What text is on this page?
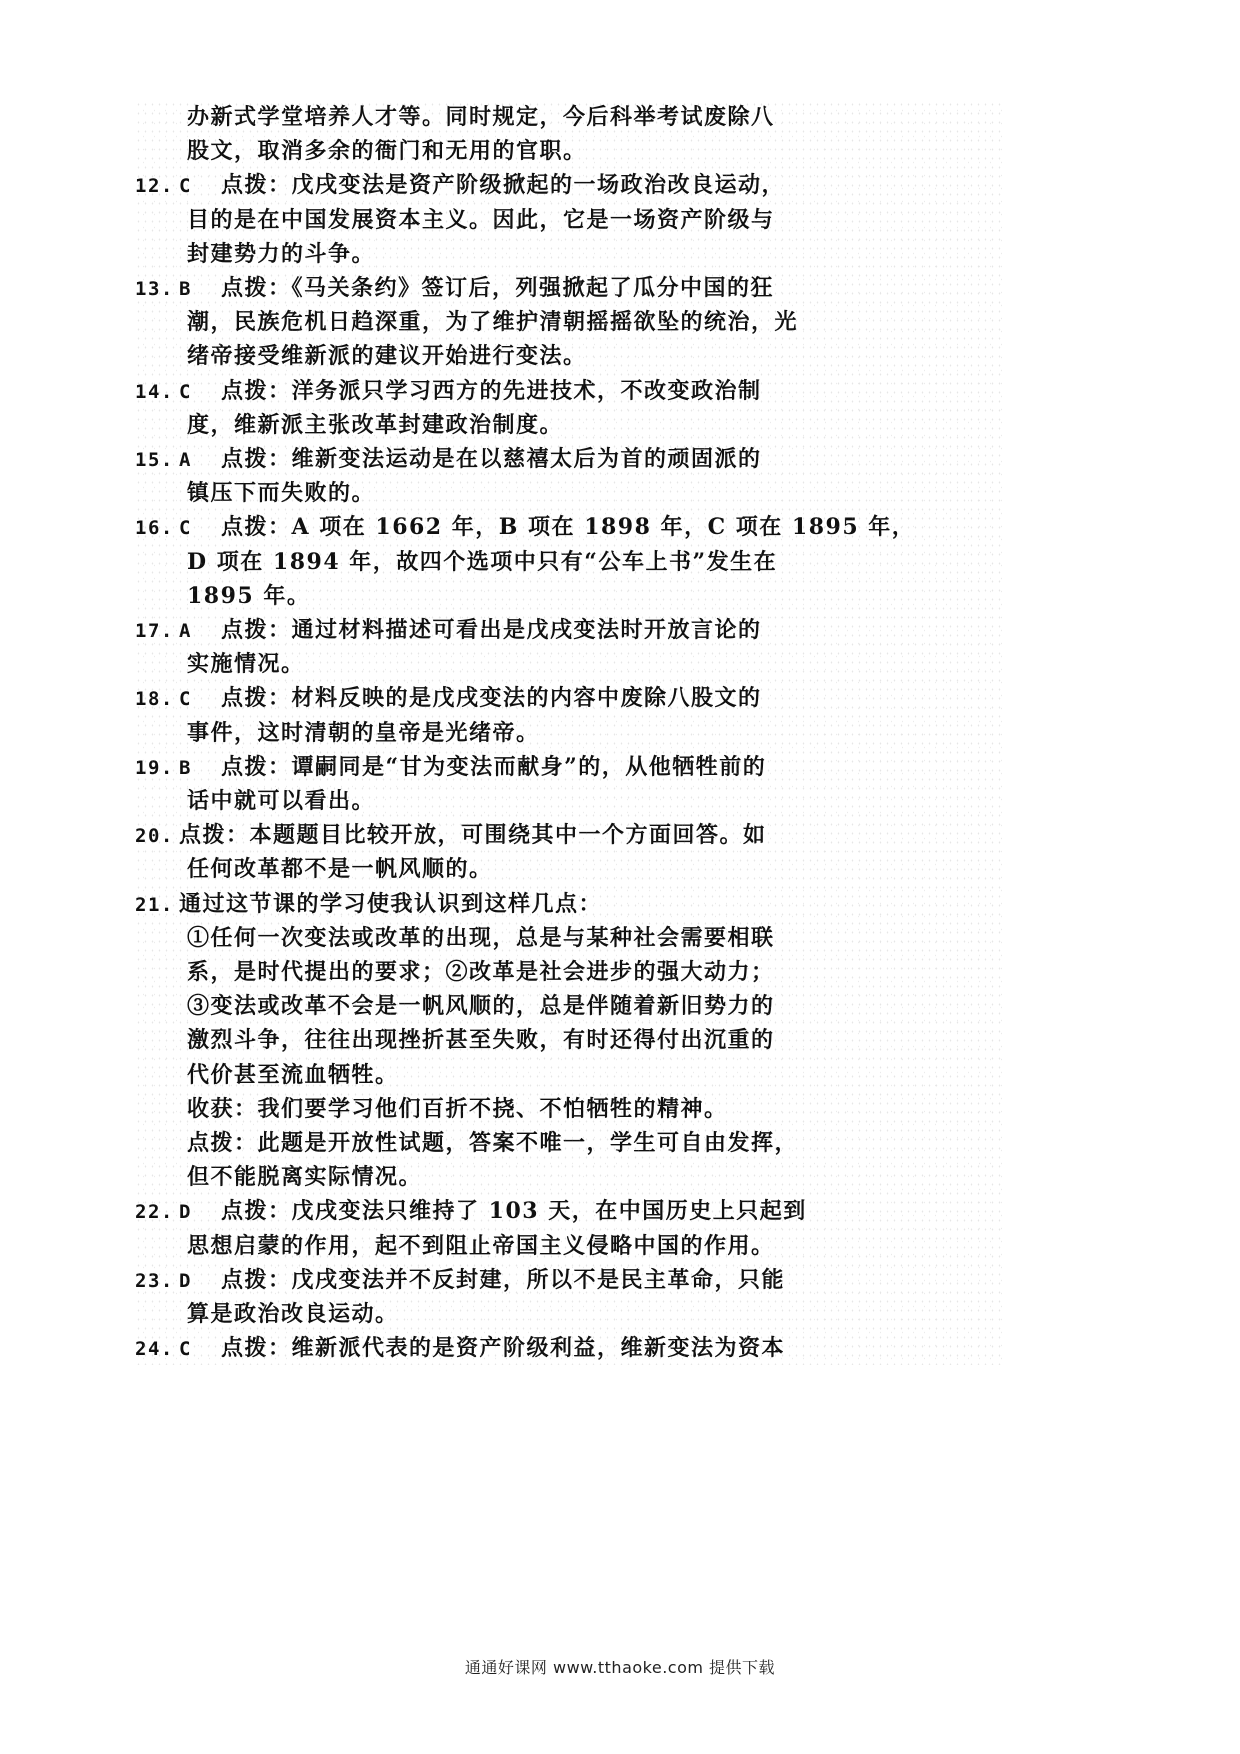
办新式学堂培养人才等。同时规定，今后科举考试废除八
股文，取消多余的衙门和无用的官职。
12. C 点拨：戊戌变法是资产阶级掀起的一场政治改良运动，
目的是在中国发展资本主义。因此，它是一场资产阶级与
封建势力的斗争。
13. B 点拨：《马关条约》签订后，列强掀起了瓜分中国的狂
潮，民族危机日趋深重，为了维护清朝摇摇欲坠的统治，光
绪帝接受维新派的建议开始进行变法。
14. C 点拨：洋务派只学习西方的先进技术，不改变政治制
度，维新派主张改革封建政治制度。
15. A 点拨：维新变法运动是在以慈禧太后为首的顽固派的
镇压下而失败的。
16. C 点拨：A 项在 1662 年，B 项在 1898 年，C 项在 1895 年，
D 项在 1894 年，故四个选项中只有“公车上书”发生在
1895 年。
17. A 点拨：通过材料描述可看出是戊戌变法时开放言论的
实施情况。
18. C 点拨：材料反映的是戊戌变法的内容中废除八股文的
事件，这时清朝的皇帝是光绪帝。
19. B 点拨：谭嗣同是“甘为变法而献身”的，从他牺牲前的
话中就可以看出。
20. 点拨：本题题目比较开放，可围绕其中一个方面回答。如
任何改革都不是一帆风顺的。
21. 通过这节课的学习使我认识到这样几点：
①任何一次变法或改革的出现，总是与某种社会需要相联
系，是时代提出的要求；②改革是社会进步的强大动力；
③变法或改革不会是一帆风顺的，总是伴随着新旧势力的
激烈斗争，往往出现挫折甚至失败，有时还得付出沉重的
代价甚至流血牺牲。
收获：我们要学习他们百折不挠、不怕牺牲的精神。
点拨：此题是开放性试题，答案不唯一，学生可自由发挥，
但不能脱离实际情况。
22. D 点拨：戊戌变法只维持了 103 天，在中国历史上只起到
思想启蒙的作用，起不到阻止帝国主义侵略中国的作用。
23. D 点拨：戊戌变法并不反封建，所以不是民主革命，只能
算是政治改良运动。
24. C 点拨：维新派代表的是资产阶级利益，维新变法为资本
通通好课网 www.tthaoke.com 提供下载
